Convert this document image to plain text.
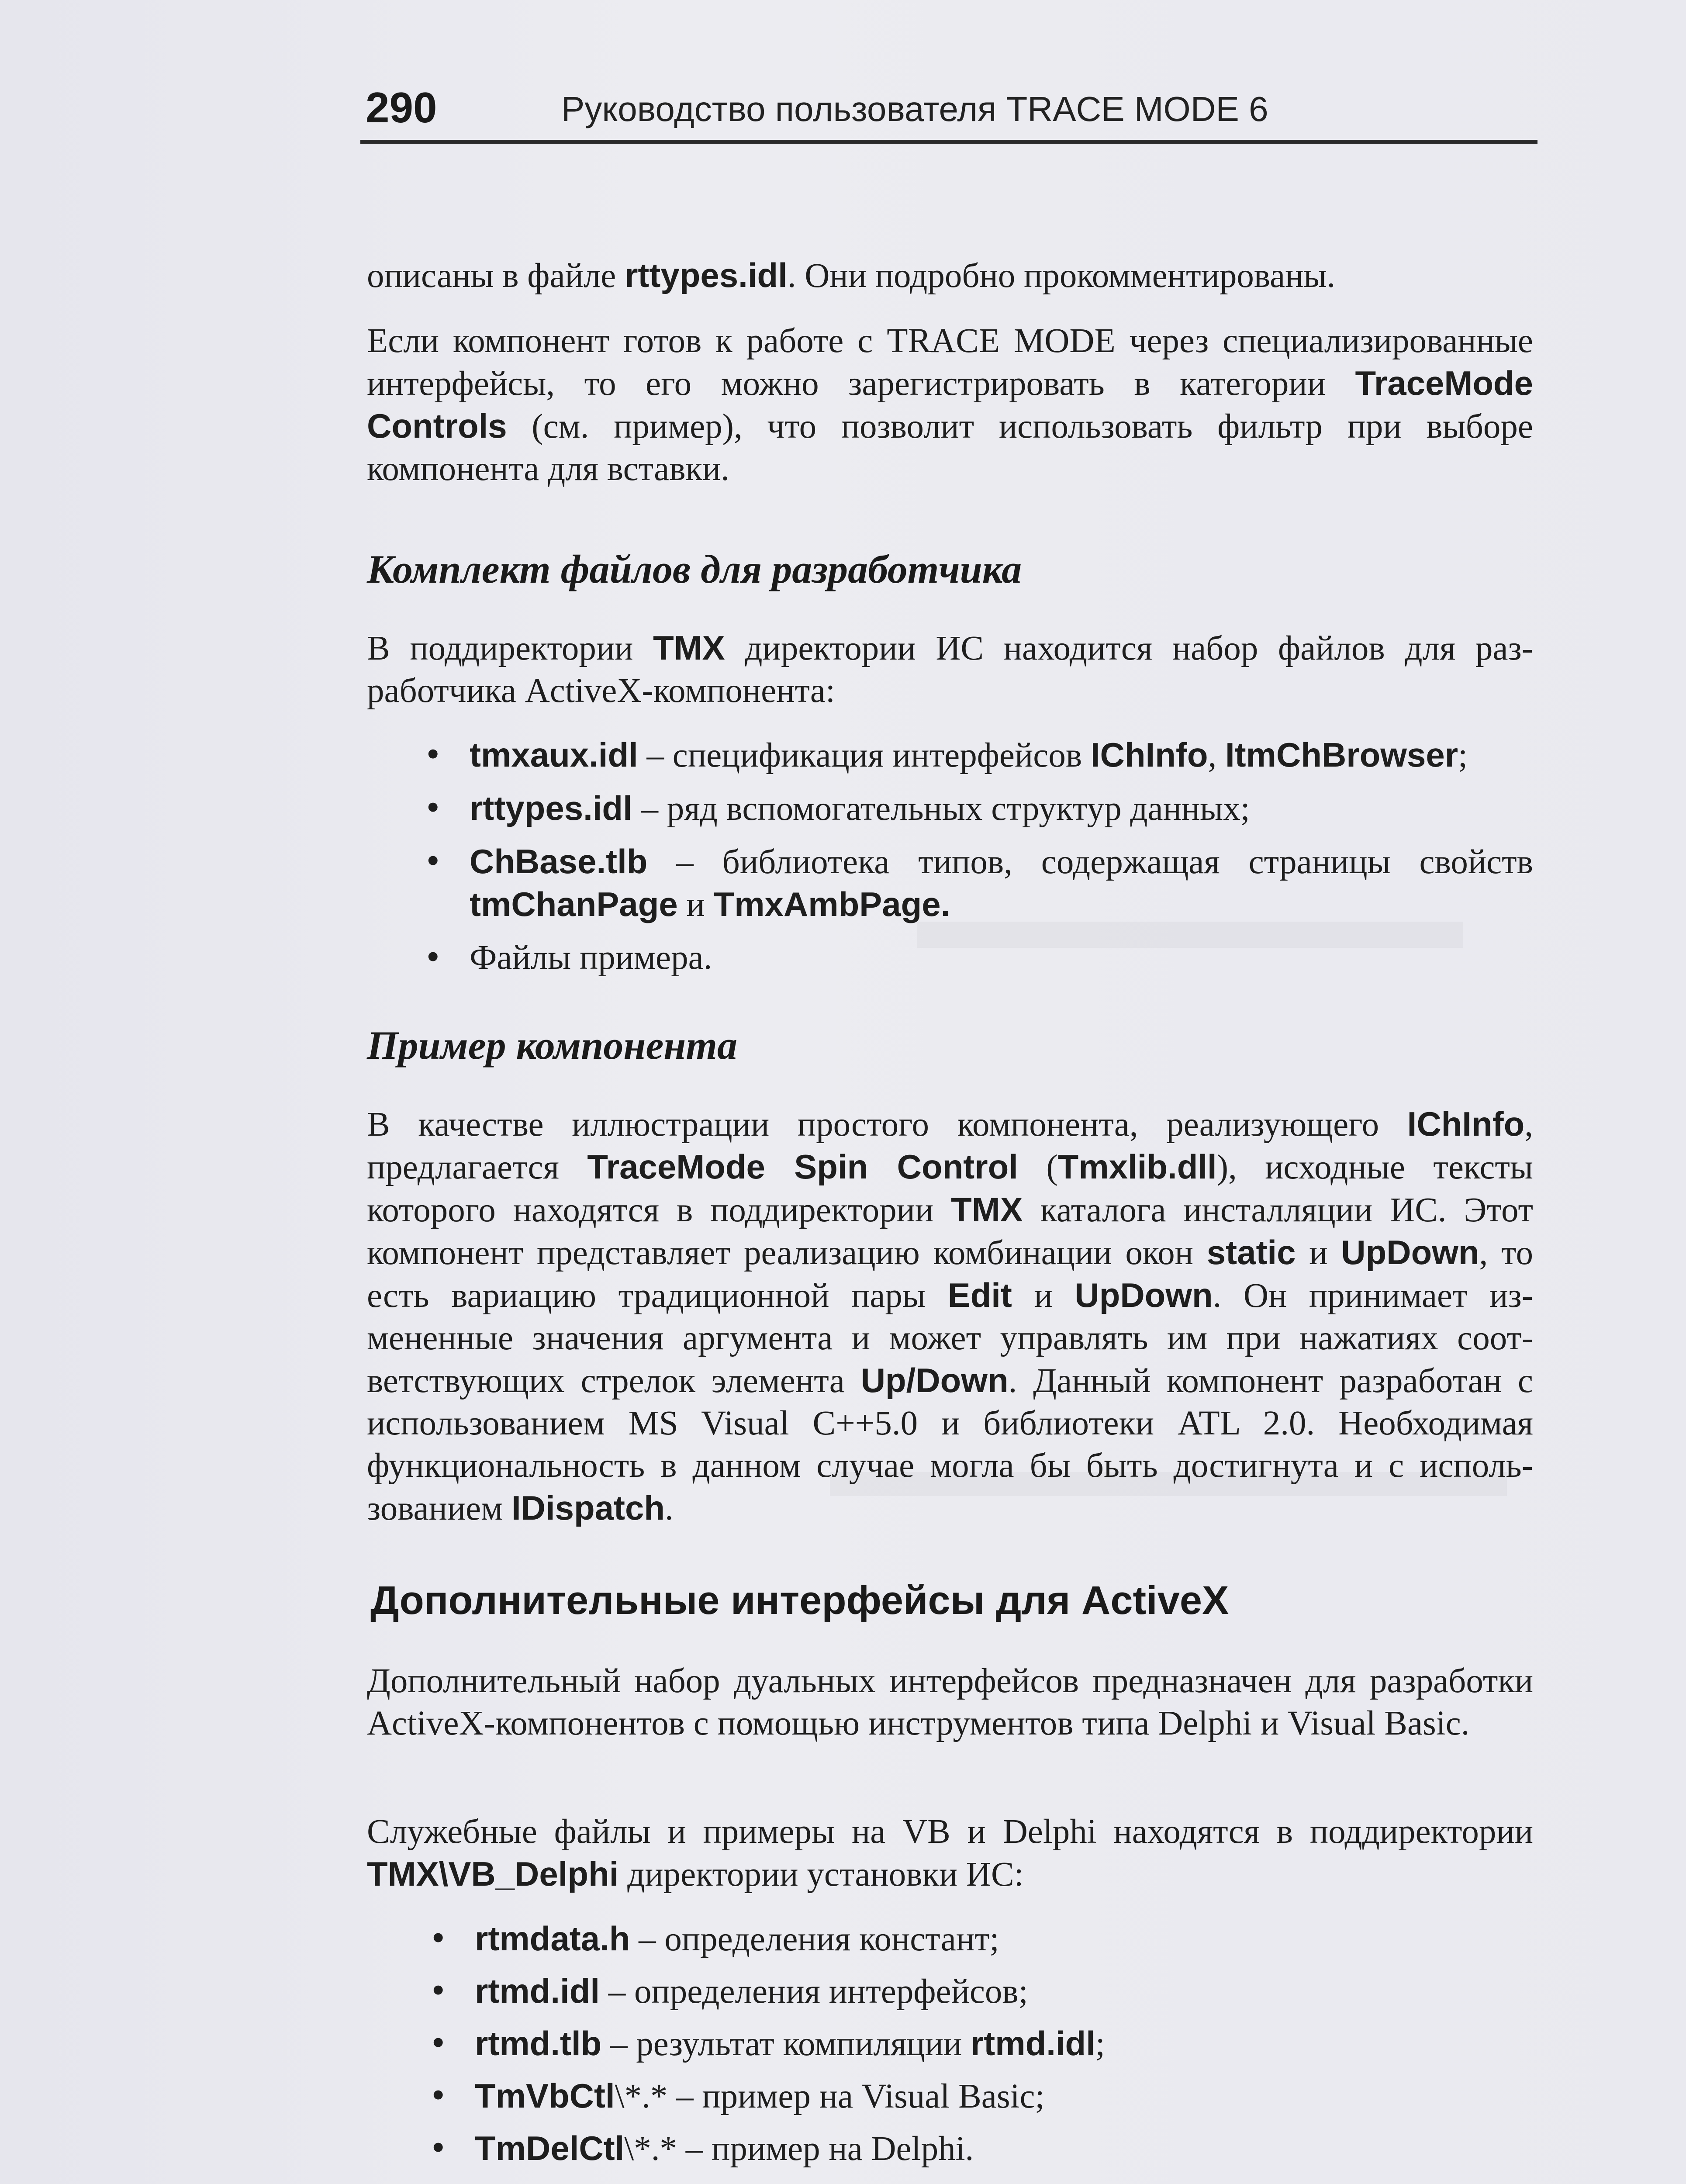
290	Руководство пользователя TRACE MODE 6

описаны в файле rttypes.idl. Они подробно прокомментированы.

Если компонент готов к работе с TRACE MODE через специализированные интерфейсы, то его можно зарегистрировать в категории TraceMode Controls (см. пример), что позволит использовать фильтр при выборе компонента для вставки.

Комплект файлов для разработчика

В поддиректории TMX директории ИС находится набор файлов для разработчика ActiveX-компонента:

• tmxaux.idl – спецификация интерфейсов IChInfo, ItmChBrowser;
• rttypes.idl – ряд вспомогательных структур данных;
• ChBase.tlb – библиотека типов, содержащая страницы свойств tmChanPage и TmxAmbPage.
• Файлы примера.
Пример компонента

В качестве иллюстрации простого компонента, реализующего IChInfo, предлагается TraceMode Spin Control (Tmxlib.dll), исходные тексты которого находятся в поддиректории TMX каталога инсталляции ИС. Этот компонент представляет реализацию комбинации окон static и UpDown, то есть вариацию традиционной пары Edit и UpDown. Он принимает измененные значения аргумента и может управлять им при нажатиях соответствующих стрелок элемента Up/Down. Данный компонент разработан с использованием MS Visual C++5.0 и библиотеки ATL 2.0. Необходимая функциональность в данном случае могла бы быть достигнута и с использованием IDispatch.

Дополнительные интерфейсы для ActiveX

Дополнительный набор дуальных интерфейсов предназначен для разработки ActiveX-компонентов с помощью инструментов типа Delphi и Visual Basic.

Служебные файлы и примеры на VB и Delphi находятся в поддиректории TMX\VB_Delphi директории установки ИС:

• rtmdata.h – определения констант;
• rtmd.idl – определения интерфейсов;
• rtmd.tlb – результат компиляции rtmd.idl;
• TmVbCtl\*.* – пример на Visual Basic;
• TmDelCtl\*.* – пример на Delphi.
